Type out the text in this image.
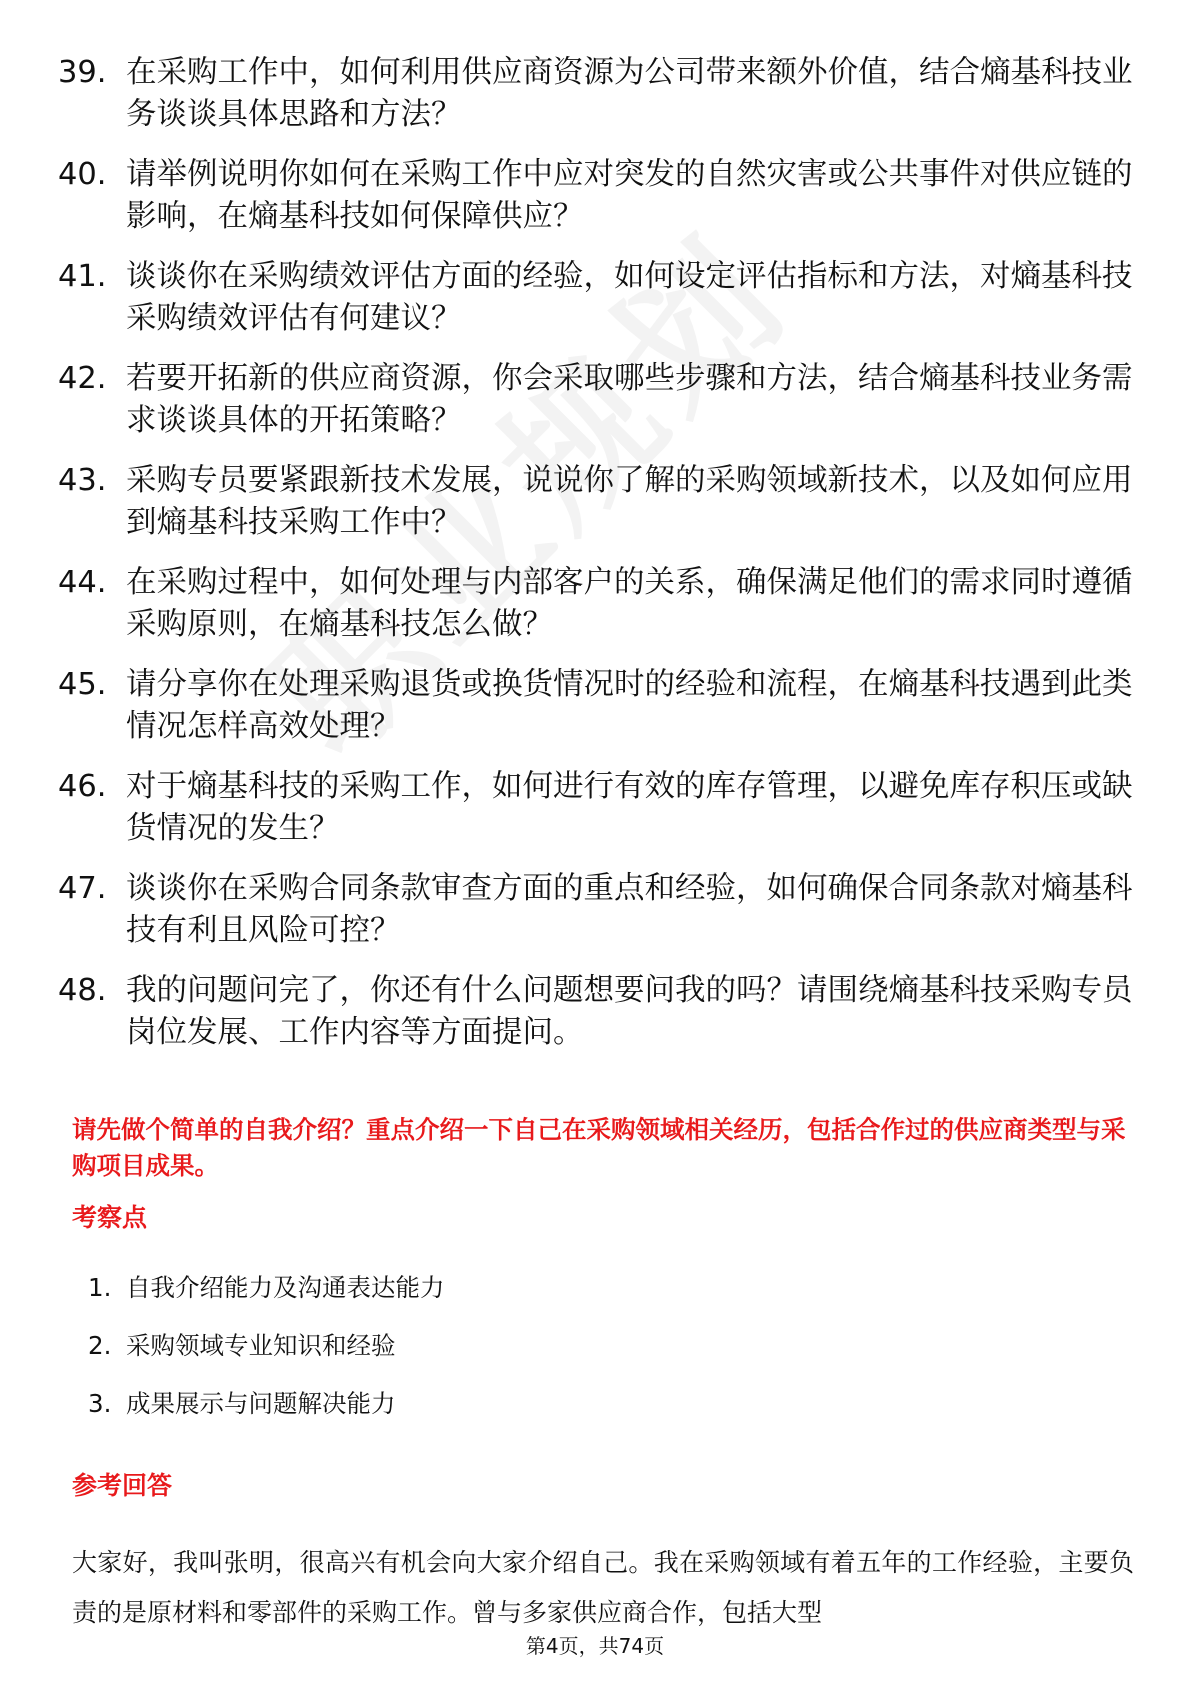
39. 在采购工作中，如何利用供应商资源为公司带来额外价值，结合熵基科技业务谈谈具体思路和方法？
40. 请举例说明你如何在采购工作中应对突发的自然灾害或公共事件对供应链的影响，在熵基科技如何保障供应？
41. 谈谈你在采购绩效评估方面的经验，如何设定评估指标和方法，对熵基科技采购绩效评估有何建议？
42. 若要开拓新的供应商资源，你会采取哪些步骤和方法，结合熵基科技业务需求谈谈具体的开拓策略？
43. 采购专员要紧跟新技术发展，说说你了解的采购领域新技术，以及如何应用到熵基科技采购工作中？
44. 在采购过程中，如何处理与内部客户的关系，确保满足他们的需求同时遵循采购原则，在熵基科技怎么做？
45. 请分享你在处理采购退货或换货情况时的经验和流程，在熵基科技遇到此类情况怎样高效处理？
46. 对于熵基科技的采购工作，如何进行有效的库存管理，以避免库存积压或缺货情况的发生？
47. 谈谈你在采购合同条款审查方面的重点和经验，如何确保合同条款对熵基科技有利且风险可控？
48. 我的问题问完了，你还有什么问题想要问我的吗？请围绕熵基科技采购专员岗位发展、工作内容等方面提问。
请先做个简单的自我介绍？重点介绍一下自己在采购领域相关经历，包括合作过的供应商类型与采购项目成果。
考察点
1. 自我介绍能力及沟通表达能力
2. 采购领域专业知识和经验
3. 成果展示与问题解决能力
参考回答
大家好，我叫张明，很高兴有机会向大家介绍自己。我在采购领域有着五年的工作经验，主要负责的是原材料和零部件的采购工作。曾与多家供应商合作，包括大型
第4页，共74页
